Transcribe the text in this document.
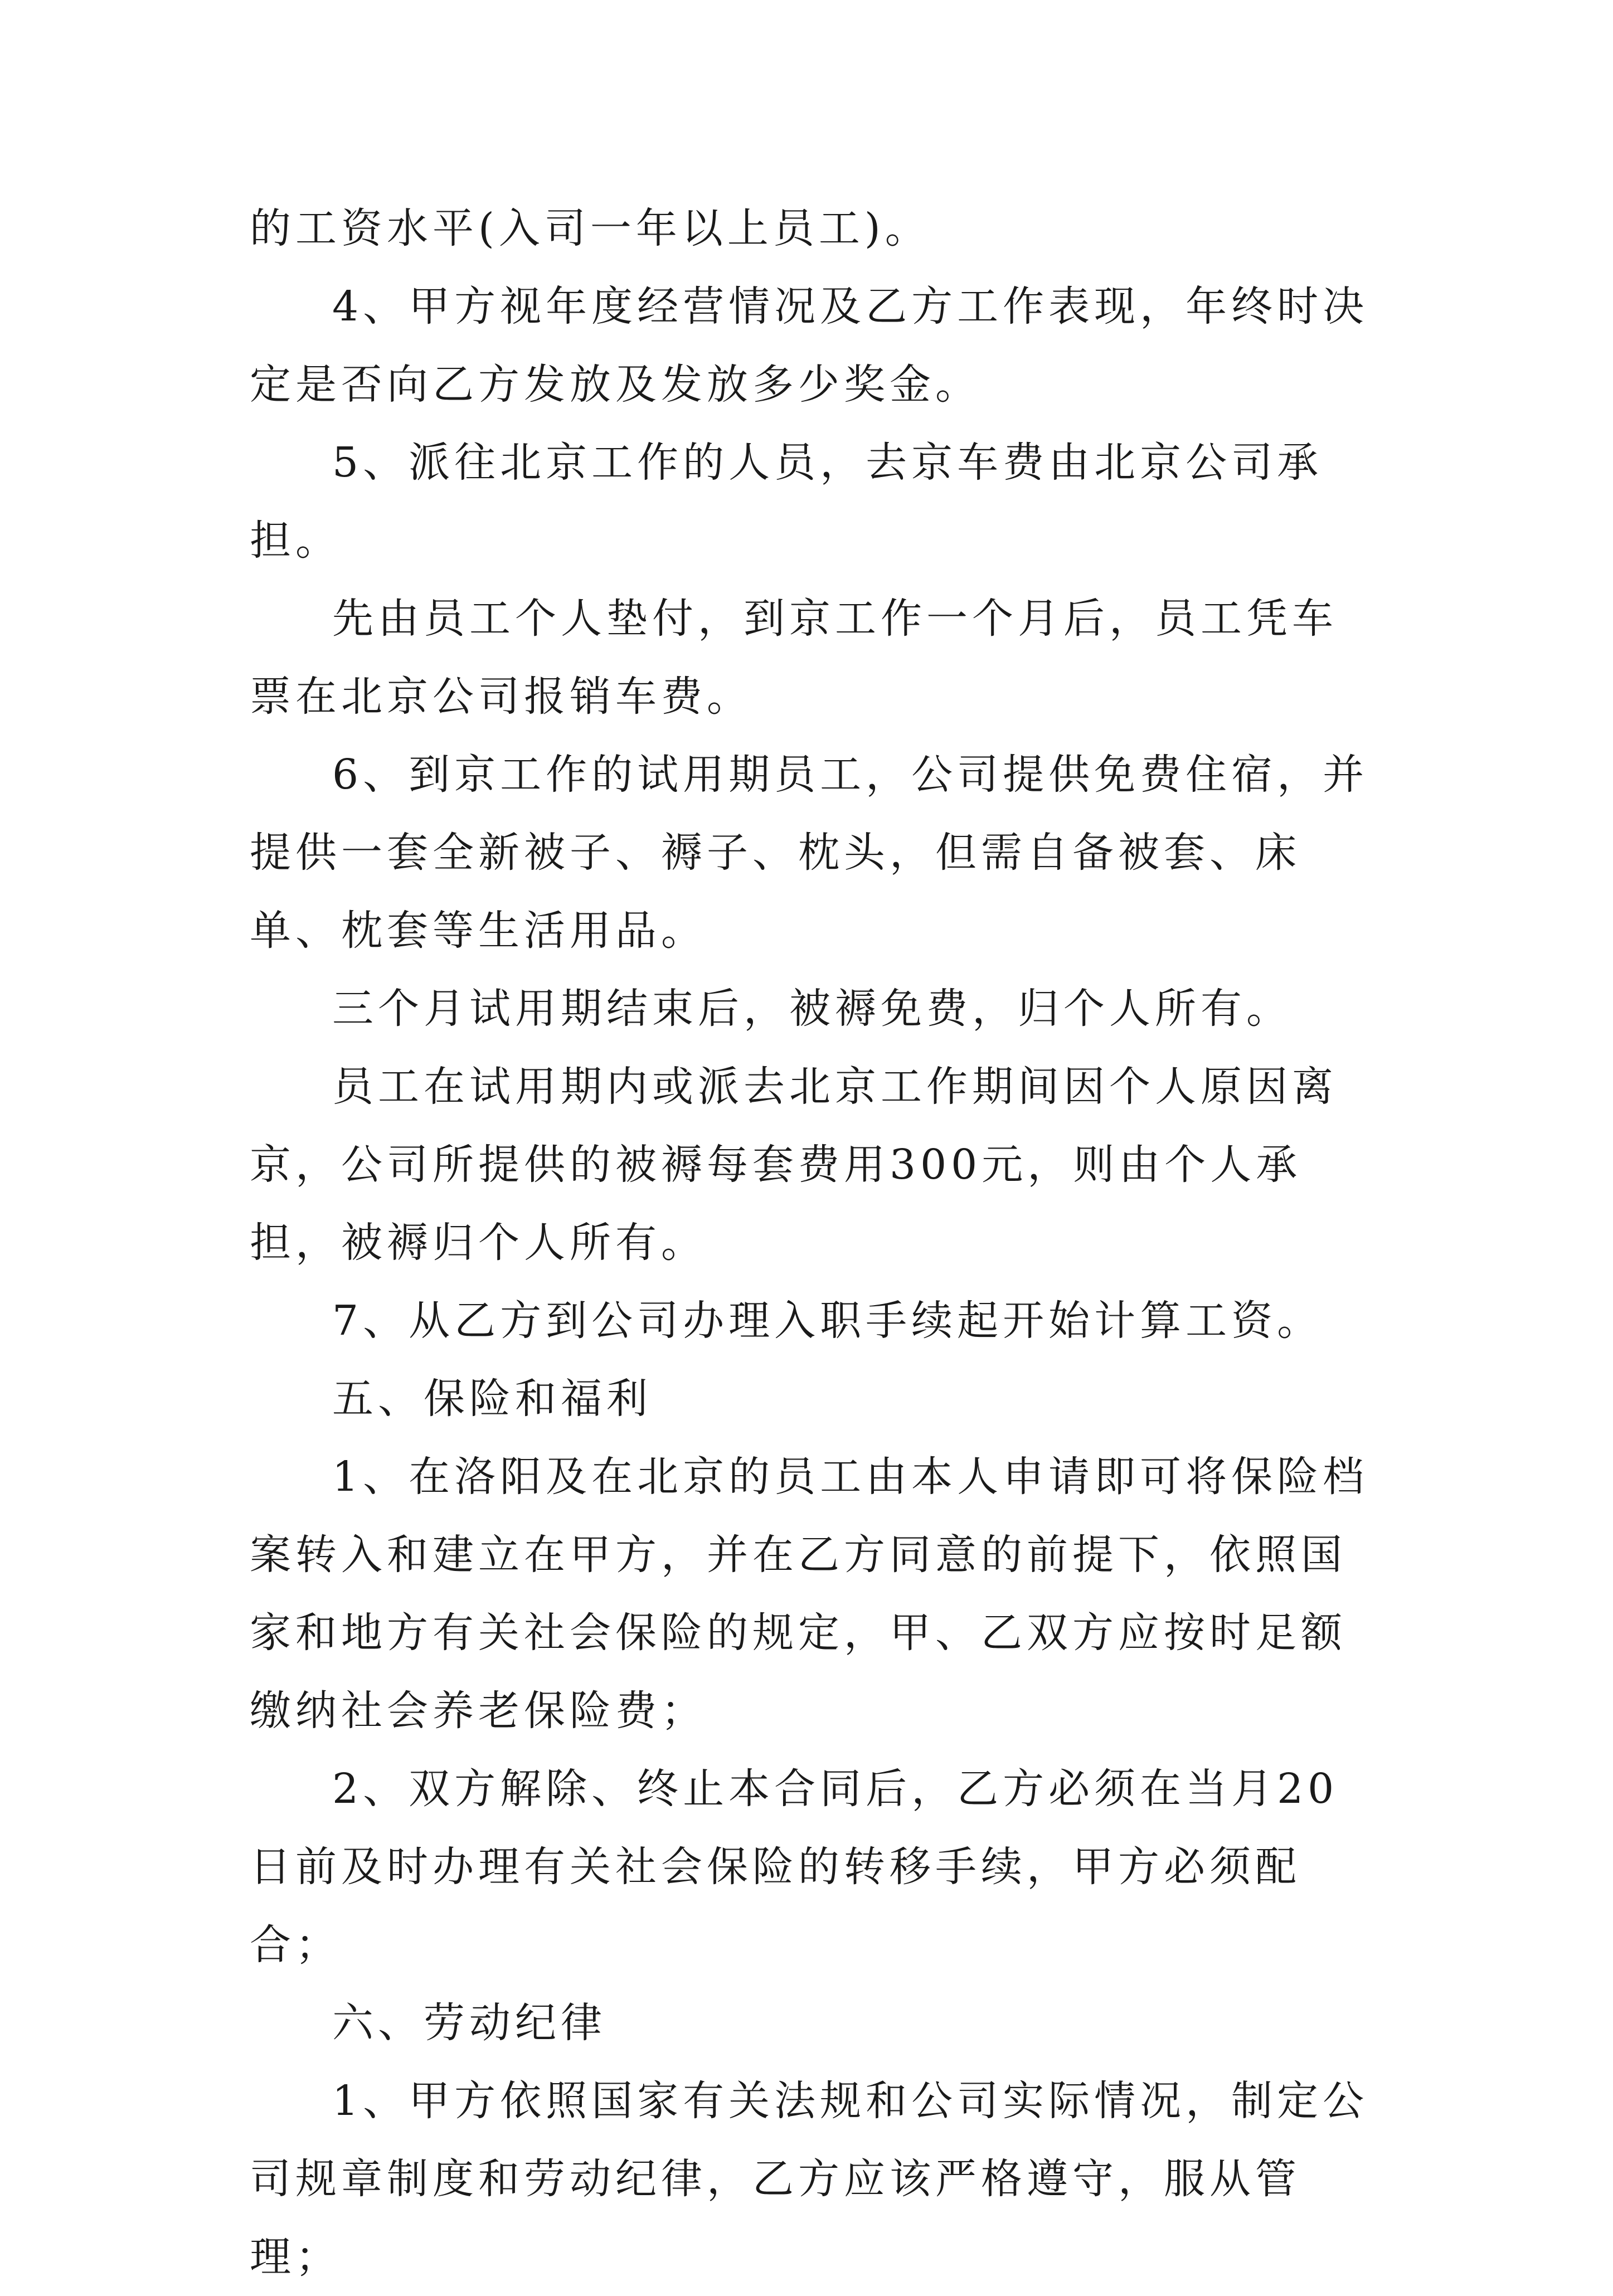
的工资水平(入司一年以上员工)。

4、甲方视年度经营情况及乙方工作表现，年终时决定是否向乙方发放及发放多少奖金。

5、派往北京工作的人员，去京车费由北京公司承担。

先由员工个人垫付，到京工作一个月后，员工凭车票在北京公司报销车费。

6、到京工作的试用期员工，公司提供免费住宿，并提供一套全新被子、褥子、枕头，但需自备被套、床单、枕套等生活用品。

三个月试用期结束后，被褥免费，归个人所有。

员工在试用期内或派去北京工作期间因个人原因离京，公司所提供的被褥每套费用300元，则由个人承担，被褥归个人所有。

7、从乙方到公司办理入职手续起开始计算工资。

五、保险和福利

1、在洛阳及在北京的员工由本人申请即可将保险档案转入和建立在甲方，并在乙方同意的前提下，依照国家和地方有关社会保险的规定，甲、乙双方应按时足额缴纳社会养老保险费；

2、双方解除、终止本合同后，乙方必须在当月20日前及时办理有关社会保险的转移手续，甲方必须配合；

六、劳动纪律

1、甲方依照国家有关法规和公司实际情况，制定公司规章制度和劳动纪律，乙方应该严格遵守，服从管理；
